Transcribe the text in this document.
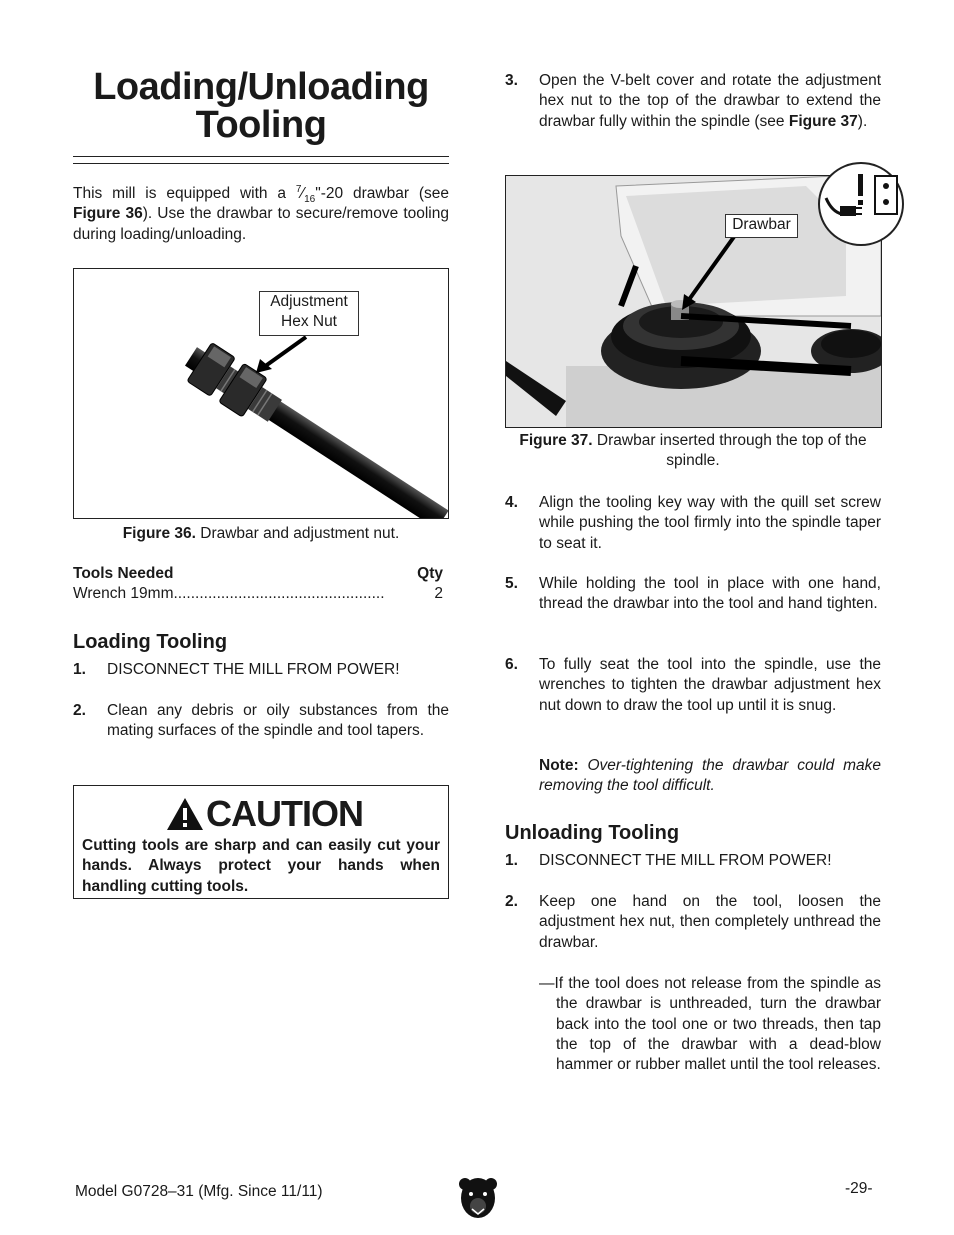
Loading/Unloading
Tooling
This mill is equipped with a $^7⁄_{16}"-20$ drawbar (see Figure 36). Use the drawbar to secure/remove tooling during loading/unloading.
Adjustment
Hex Nut
Figure 36. Drawbar and adjustment nut.
Tools Needed	Qty
Wrench 19mm .................................................	2
Loading Tooling
1. DISCONNECT THE MILL FROM POWER!
2. Clean any debris or oily substances from the mating surfaces of the spindle and tool tapers.
CAUTION
Cutting tools are sharp and can easily cut your hands. Always protect your hands when handling cutting tools.
3. Open the V-belt cover and rotate the adjustment hex nut to the top of the drawbar to extend the drawbar fully within the spindle (see Figure 37).
Drawbar
Figure 37. Drawbar inserted through the top of the spindle.
4. Align the tooling key way with the quill set screw while pushing the tool firmly into the spindle taper to seat it.
5. While holding the tool in place with one hand, thread the drawbar into the tool and hand tighten.
6. To fully seat the tool into the spindle, use the wrenches to tighten the drawbar adjustment hex nut down to draw the tool up until it is snug.
Note: Over-tightening the drawbar could make removing the tool difficult.
Unloading Tooling
1. DISCONNECT THE MILL FROM POWER!
2. Keep one hand on the tool, loosen the adjustment hex nut, then completely unthread the drawbar.
—If the tool does not release from the spindle as the drawbar is unthreaded, turn the drawbar back into the tool one or two threads, then tap the top of the drawbar with a dead-blow hammer or rubber mallet until the tool releases.
Model G0728–31 (Mfg. Since 11/11)	-29-
